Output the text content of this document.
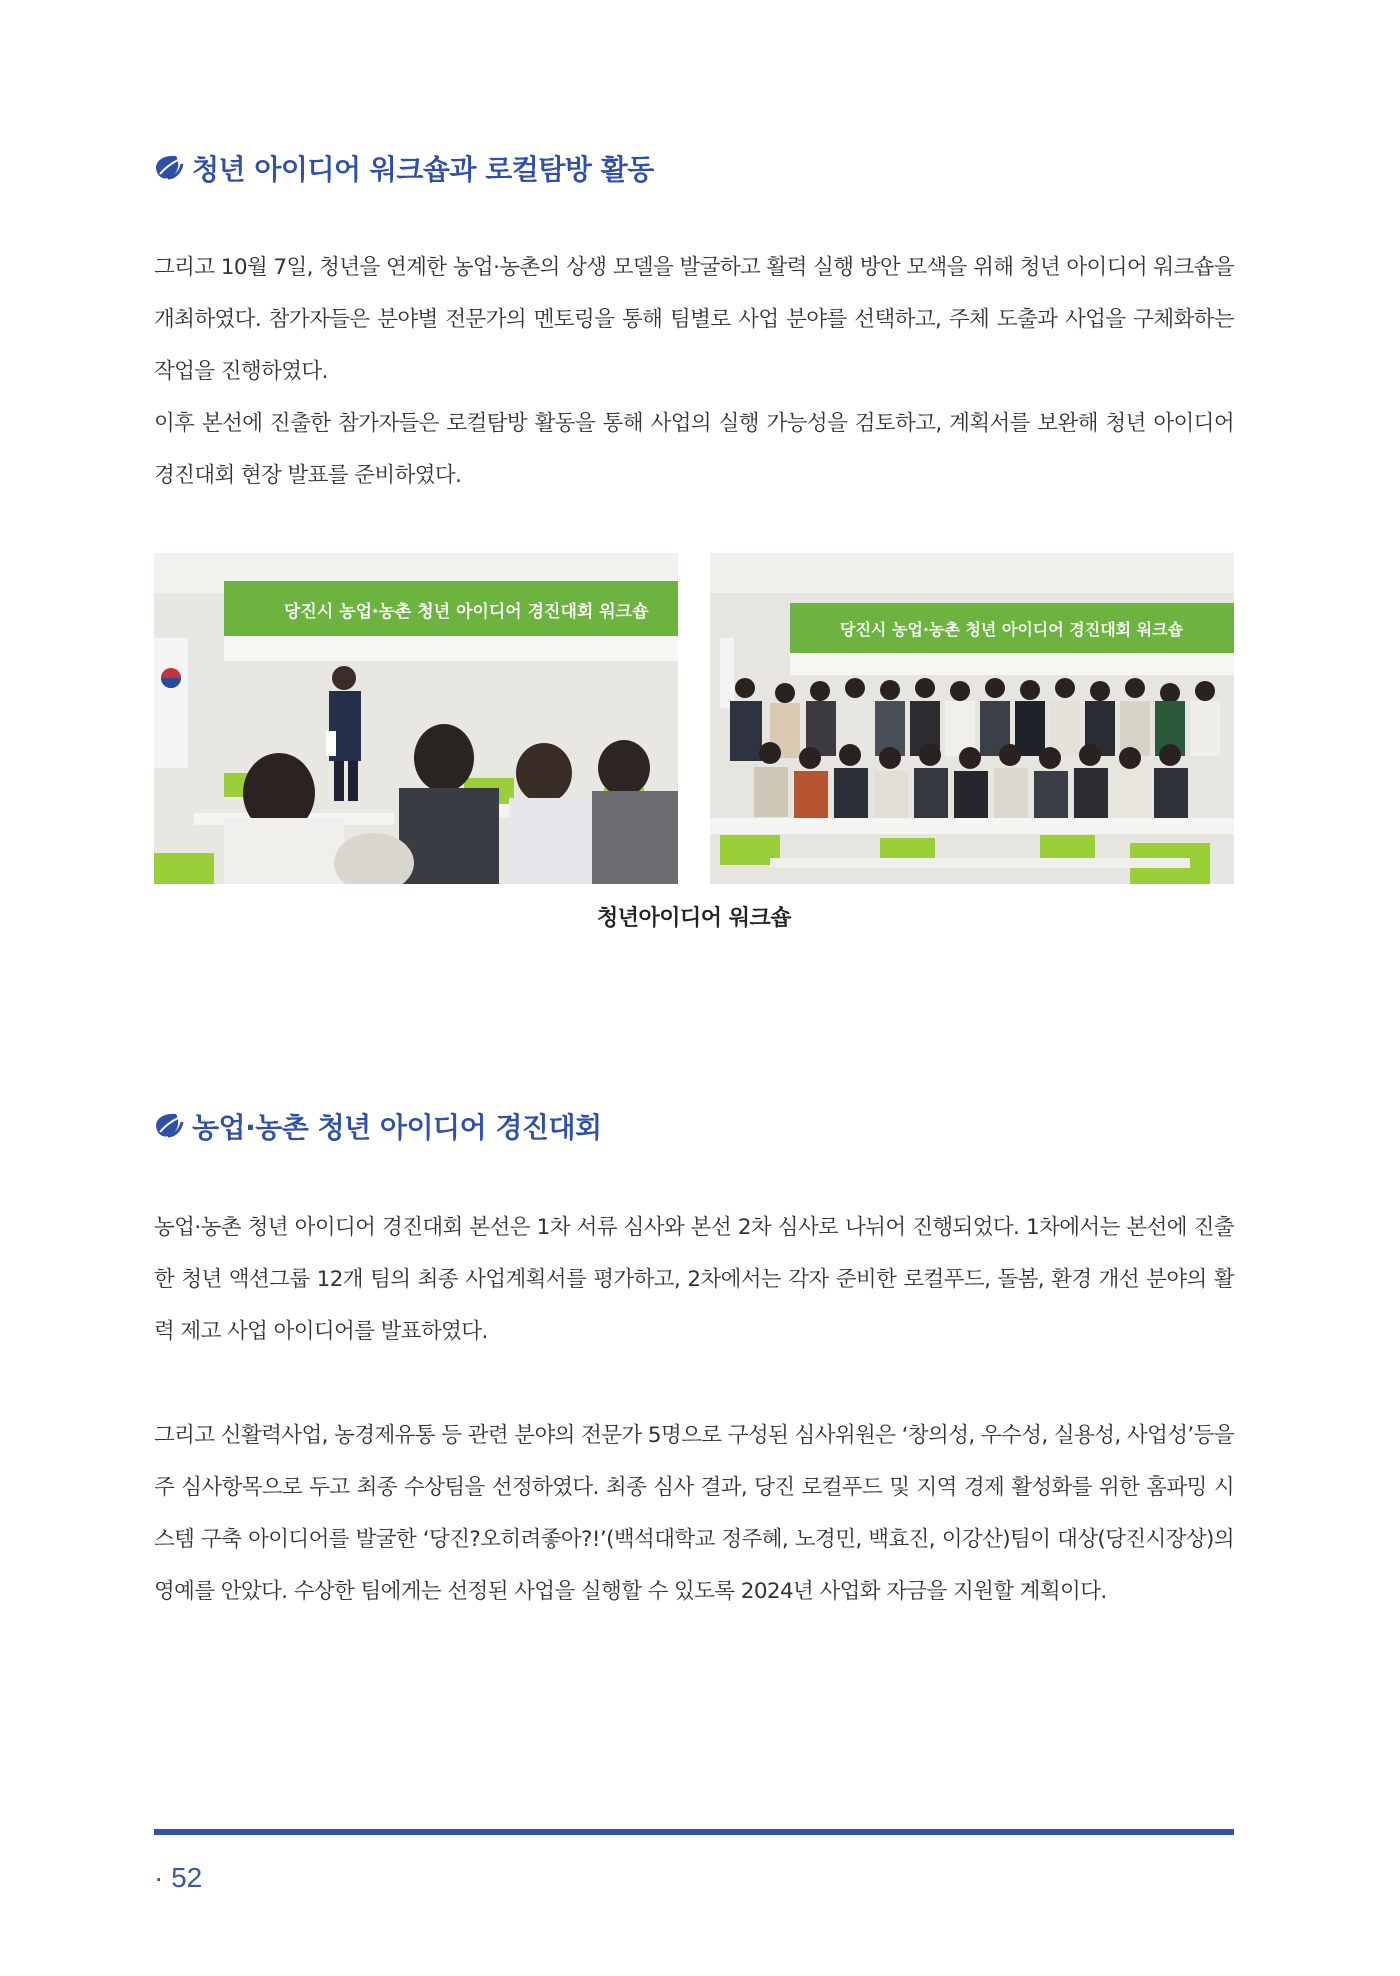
청년 아이디어 워크숍과 로컬탐방 활동

그리고 10월 7일, 청년을 연계한 농업·농촌의 상생 모델을 발굴하고 활력 실행 방안 모색을 위해 청년 아이디어 워크숍을 개최하였다. 참가자들은 분야별 전문가의 멘토링을 통해 팀별로 사업 분야를 선택하고, 주체 도출과 사업을 구체화하는 작업을 진행하였다.

이후 본선에 진출한 참가자들은 로컬탐방 활동을 통해 사업의 실행 가능성을 검토하고, 계획서를 보완해 청년 아이디어 경진대회 현장 발표를 준비하였다.

당진시 농업·농촌 청년 아이디어 경진대회 워크숍
당진시 농업·농촌 청년 아이디어 경진대회 워크숍
청년아이디어 워크숍
농업·농촌 청년 아이디어 경진대회

농업·농촌 청년 아이디어 경진대회 본선은 1차 서류 심사와 본선 2차 심사로 나뉘어 진행되었다. 1차에서는 본선에 진출한 청년 액션그룹 12개 팀의 최종 사업계획서를 평가하고, 2차에서는 각자 준비한 로컬푸드, 돌봄, 환경 개선 분야의 활력 제고 사업 아이디어를 발표하였다.

그리고 신활력사업, 농경제유통 등 관련 분야의 전문가 5명으로 구성된 심사위원은 ‘창의성, 우수성, 실용성, 사업성’등을 주 심사항목으로 두고 최종 수상팀을 선정하였다. 최종 심사 결과, 당진 로컬푸드 및 지역 경제 활성화를 위한 홈파밍 시스템 구축 아이디어를 발굴한 ‘당진?오히려좋아?!’(백석대학교 정주혜, 노경민, 백효진, 이강산)팀이 대상(당진시장상)의 영예를 안았다. 수상한 팀에게는 선정된 사업을 실행할 수 있도록 2024년 사업화 자금을 지원할 계획이다.

· 52
